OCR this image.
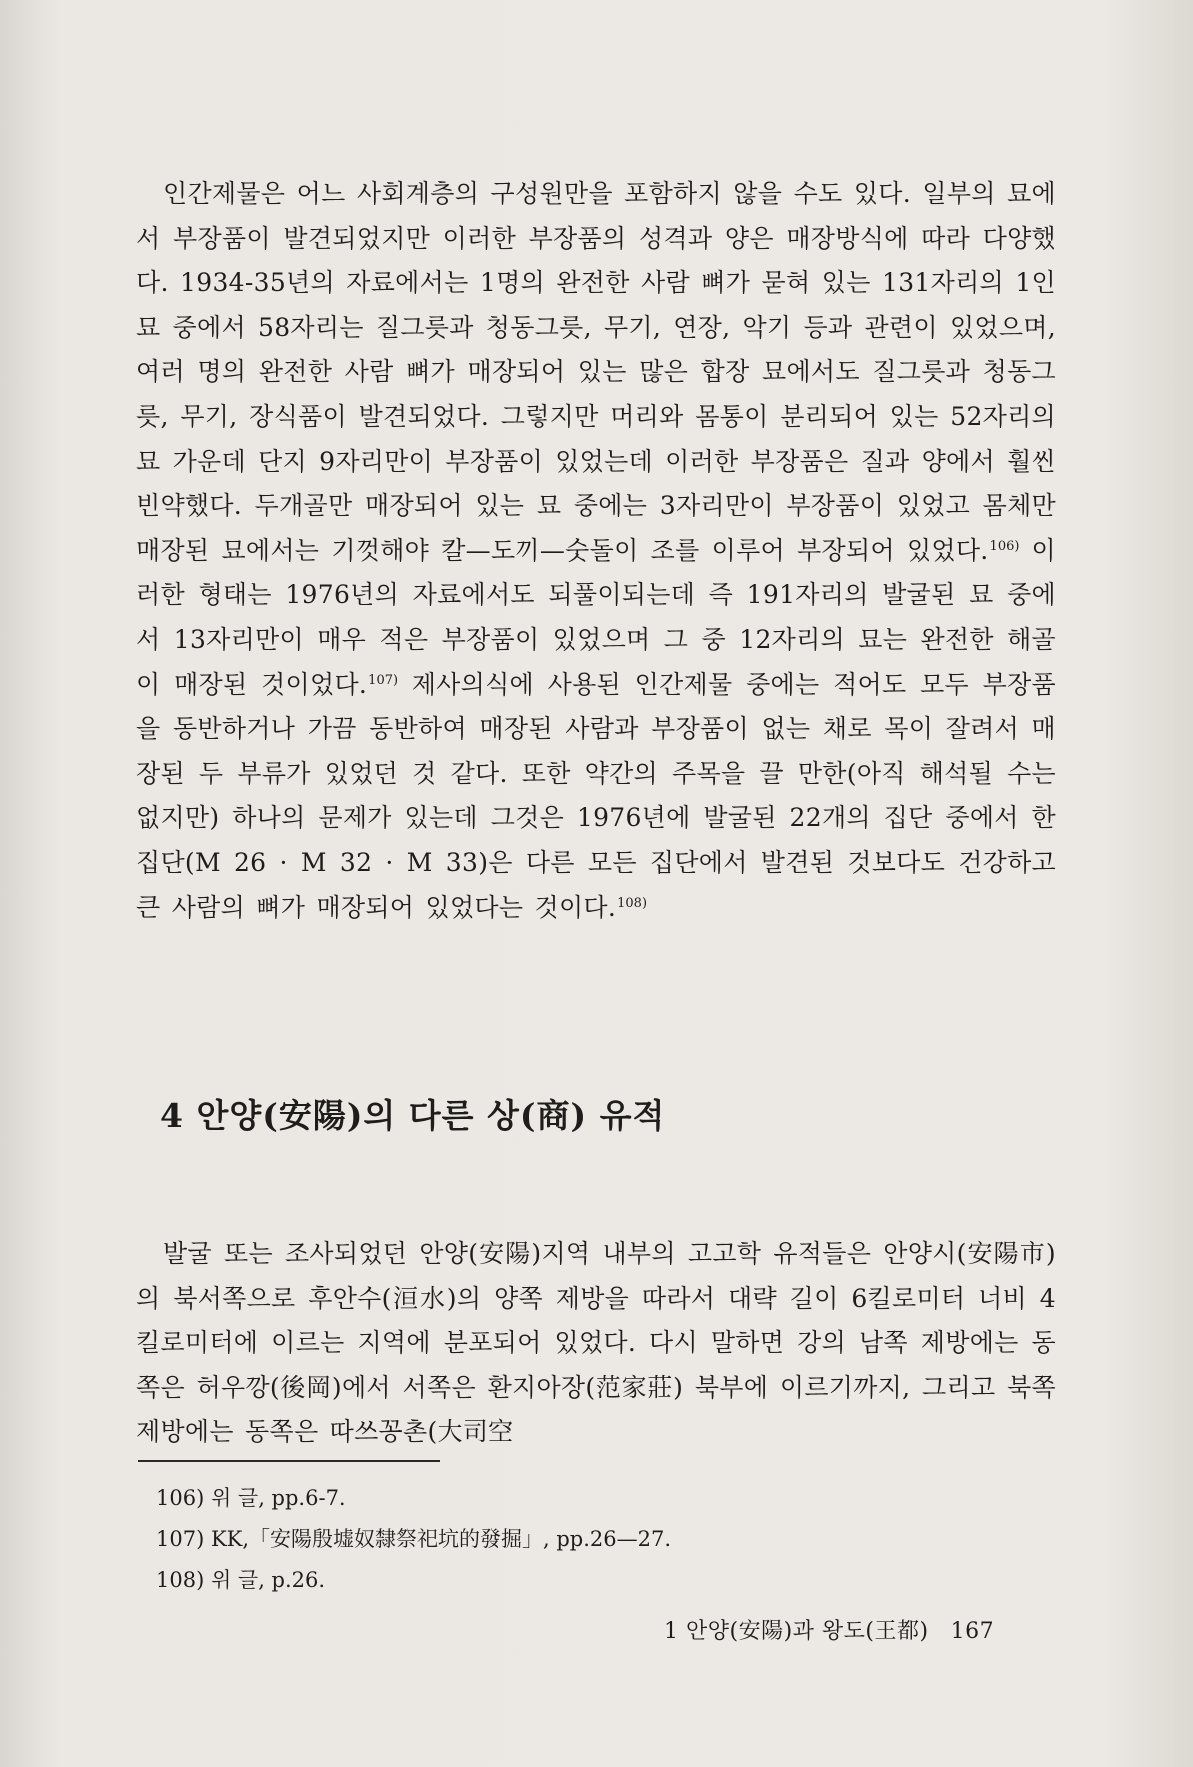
인간제물은 어느 사회계층의 구성원만을 포함하지 않을 수도 있다. 일부의 묘에서 부장품이 발견되었지만 이러한 부장품의 성격과 양은 매장방식에 따라 다양했다. 1934-35년의 자료에서는 1명의 완전한 사람 뼈가 묻혀 있는 131자리의 1인 묘 중에서 58자리는 질그릇과 청동그릇, 무기, 연장, 악기 등과 관련이 있었으며, 여러 명의 완전한 사람 뼈가 매장되어 있는 많은 합장 묘에서도 질그릇과 청동그릇, 무기, 장식품이 발견되었다. 그렇지만 머리와 몸통이 분리되어 있는 52자리의 묘 가운데 단지 9자리만이 부장품이 있었는데 이러한 부장품은 질과 양에서 훨씬 빈약했다. 두개골만 매장되어 있는 묘 중에는 3자리만이 부장품이 있었고 몸체만 매장된 묘에서는 기껏해야 칼—도끼—숫돌이 조를 이루어 부장되어 있었다.$^{106)}$ 이러한 형태는 1976년의 자료에서도 되풀이되는데 즉 191자리의 발굴된 묘 중에서 13자리만이 매우 적은 부장품이 있었으며 그 중 12자리의 묘는 완전한 해골이 매장된 것이었다.$^{107)}$ 제사의식에 사용된 인간제물 중에는 적어도 모두 부장품을 동반하거나 가끔 동반하여 매장된 사람과 부장품이 없는 채로 목이 잘려서 매장된 두 부류가 있었던 것 같다. 또한 약간의 주목을 끌 만한(아직 해석될 수는 없지만) 하나의 문제가 있는데 그것은 1976년에 발굴된 22개의 집단 중에서 한 집단(M 26 · M 32 · M 33)은 다른 모든 집단에서 발견된 것보다도 건강하고 큰 사람의 뼈가 매장되어 있었다는 것이다.$^{108)}$

4 안양(安陽)의 다른 상(商) 유적

발굴 또는 조사되었던 안양(安陽)지역 내부의 고고학 유적들은 안양시(安陽市)의 북서쪽으로 후안수(洹水)의 양쪽 제방을 따라서 대략 길이 6킬로미터 너비 4킬로미터에 이르는 지역에 분포되어 있었다. 다시 말하면 강의 남쪽 제방에는 동쪽은 허우깡(後岡)에서 서쪽은 환지아장(范家莊) 북부에 이르기까지, 그리고 북쪽 제방에는 동쪽은 따쓰꽁촌(大司空

106) 위 글, pp.6-7.
107) KK,「安陽殷墟奴隸祭祀坑的發掘」, pp.26—27.
108) 위 글, p.26.
1 안양(安陽)과 왕도(王都) 167
